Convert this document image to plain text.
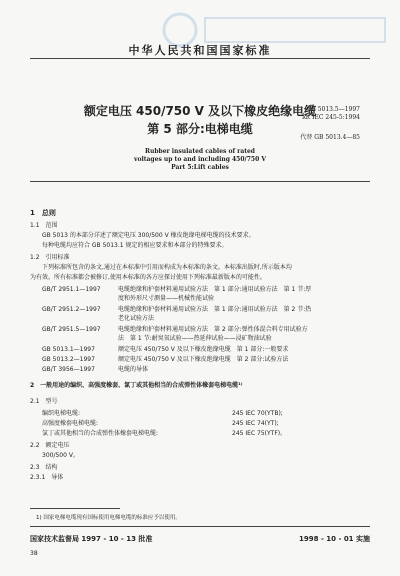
中华人民共和国国家标准
额定电压 450/750 V 及以下橡皮绝缘电缆
第 5 部分:电梯电缆
GB 5013.5—1997
idt IEC 245-5:1994
代替 GB 5013.4—85
Rubber insulated cables of rated
voltages up to and including 450/750 V
Part 5:Lift cables
1　总则
1.1　范围
GB 5013 的本部分详述了额定电压 300/500 V 橡皮绝缘电梯电缆的技术要求。
每种电缆均应符合 GB 5013.1 规定的相应要求和本部分的特殊要求。
1.2　引用标准
下列标准所包含的条文,通过在本标准中引用而构成为本标准的条文。本标准出版时,所示版本均
为有效。所有标准都会被修订,使用本标准的各方应探讨使用下列标准最新版本的可能性。
GB/T 2951.1—1997	电缆绝缘和护套材料通用试验方法　第 1 部分:通用试验方法　第 1 节:厚
度和外形尺寸测量——机械性能试验
GB/T 2951.2—1997	电缆绝缘和护套材料通用试验方法　第 1 部分:通用试验方法　第 2 节:热
老化试验方法
GB/T 2951.5—1997	电缆绝缘和护套材料通用试验方法　第 2 部分:弹性体混合料专用试验方
法　第 1 节:耐臭氧试验——热延伸试验——浸矿物油试验
GB 5013.1—1997	额定电压 450/750 V 及以下橡皮绝缘电缆　第 1 部分:一般要求
GB 5013.2—1997	额定电压 450/750 V 及以下橡皮绝缘电缆　第 2 部分:试验方法
GB/T 3956—1997	电缆的导体
2　一般用途的编织、高强度橡套、氯丁或其他相当的合成弹性体橡套电梯电缆¹⁾
2.1　型号
编织电梯电缆:	245 IEC 70(YTB);
高强度橡套电梯电缆:	245 IEC 74(YT);
氯丁或其他相当的合成弹性体橡套电梯电缆:	245 IEC 75(YTF)。
2.2　额定电压
300/500 V。
2.3　结构
2.3.1　导体
1) 国家电梯电缆现有国标使用电梯电缆的标准应予以使用。
国家技术监督局 1997 - 10 - 13 批准	1998 - 10 - 01 实施
38
